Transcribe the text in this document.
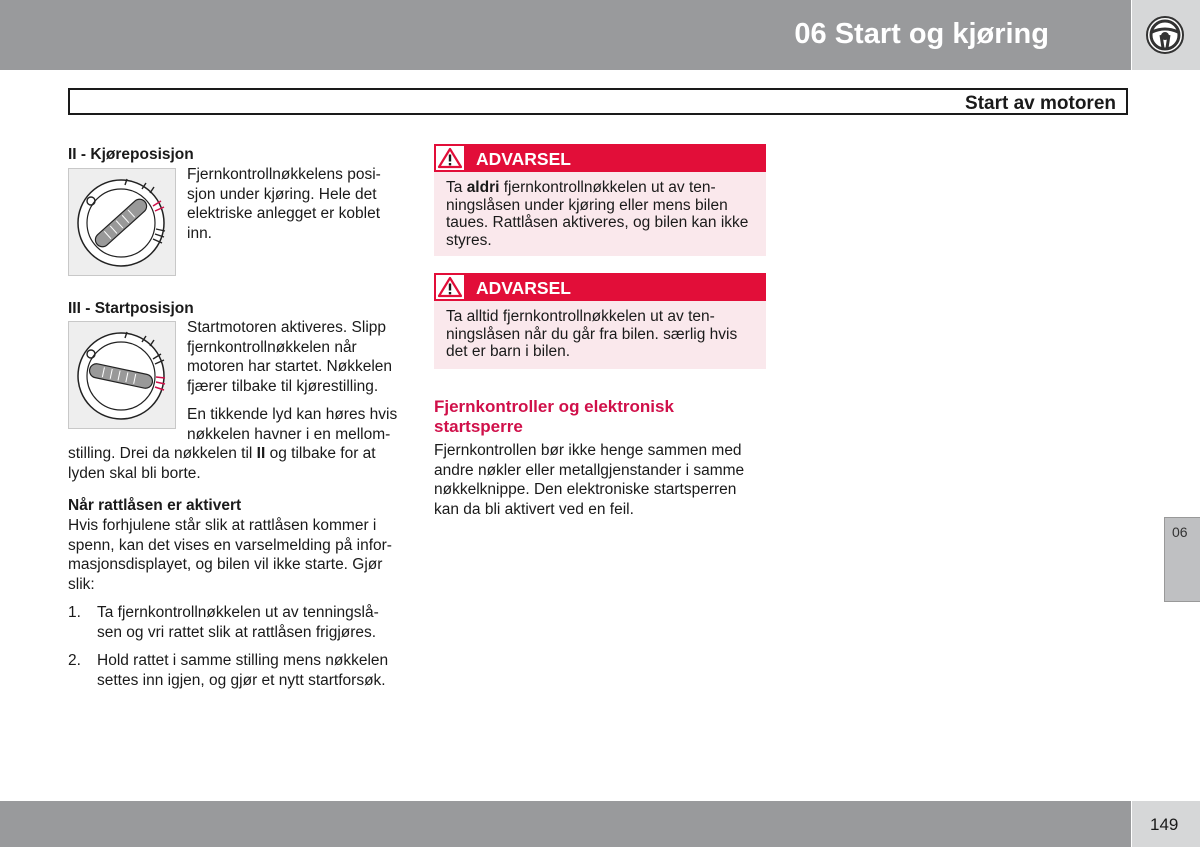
06 Start og kjøring
Start av motoren
II - Kjøreposisjon

Fjernkontrollnøkkelens posi-
sjon under kjøring. Hele det
elektriske anlegget er koblet
inn.

III - Startposisjon

Startmotoren aktiveres. Slipp
fjernkontrollnøkkelen når
motoren har startet. Nøkkelen
fjærer tilbake til kjørestilling.

En tikkende lyd kan høres hvis
nøkkelen havner i en mellom-

stilling. Drei da nøkkelen til II og tilbake for at
lyden skal bli borte.

Når rattlåsen er aktivert

Hvis forhjulene står slik at rattlåsen kommer i
spenn, kan det vises en varselmelding på infor-
masjonsdisplayet, og bilen vil ikke starte. Gjør
slik:

1. Ta fjernkontrollnøkkelen ut av tenningslå-
sen og vri rattet slik at rattlåsen frigjøres.
2. Hold rattet i samme stilling mens nøkkelen
settes inn igjen, og gjør et nytt startforsøk.
ADVARSEL
Ta aldri fjernkontrollnøkkelen ut av ten-
ningslåsen under kjøring eller mens bilen
taues. Rattlåsen aktiveres, og bilen kan ikke
styres.
ADVARSEL
Ta alltid fjernkontrollnøkkelen ut av ten-
ningslåsen når du går fra bilen. særlig hvis
det er barn i bilen.
Fjernkontroller og elektronisk
startsperre

Fjernkontrollen bør ikke henge sammen med
andre nøkler eller metallgjenstander i samme
nøkkelknippe. Den elektroniske startsperren
kan da bli aktivert ved en feil.

06
149
